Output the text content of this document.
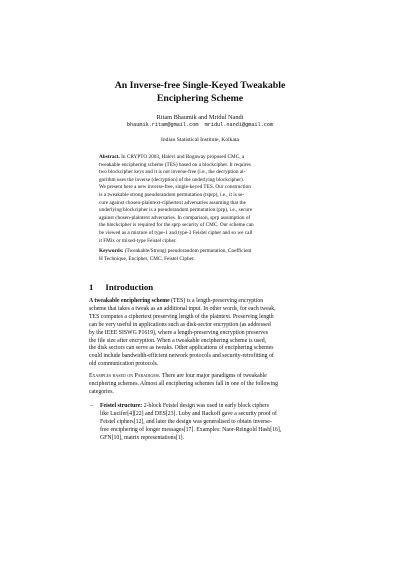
An Inverse-free Single-Keyed Tweakable
Enciphering Scheme
Ritam Bhaumik and Mridul Nandi
bhaumik.ritam@gmail.com mridul.nandi@gmail.com
Indian Statistical Institute, Kolkata

Abstract. In CRYPTO 2003, Halevi and Rogaway proposed CMC, a

tweakable enciphering scheme (TES) based on a blockcipher. It requires

two blockcipher keys and it is not inverse-free (i.e., the decryption al-

gorithm uses the inverse (decryption) of the underlying blockcipher).

We present here a new inverse-free, single-keyed TES. Our construction

is a tweakable strong pseudorandom permutation (tsprp), i.e., it is se-

cure against chosen-plaintext-ciphertext adversaries assuming that the

underlying blockcipher is a pseudorandom permutation (prp), i.e., secure

against chosen-plaintext adversaries. In comparison, sprp assumption of

the blockcipher is required for the sprp security of CMC. Our scheme can

be viewed as a mixture of type-1 and type-3 Feistel cipher and so we call

it FMix or mixed-type Feistel cipher.

Keywords: (Tweakable/Strong) pseudorandom permutation, Coefficient

H Technique, Encipher, CMC, Feistel Cipher.

1 Introduction

A tweakable enciphering scheme (TES) is a length-preserving encryption

scheme that takes a tweak as an additional input. In other words, for each tweak,

TES computes a ciphertext preserving length of the plaintext. Preserving length

can be very useful in applications such as disk-sector encryption (as addressed

by the IEEE SISWG P1619), where a length-preserving encryption preserves

the file size after encryption. When a tweakable enciphering scheme is used,

the disk sectors can serve as tweaks. Other applications of enciphering schemes

could include bandwidth-efficient network protocols and security-retrofitting of

old communication protocols.

Examples based on Paradigms. There are four major paradigms of tweakable

enciphering schemes. Almost all enciphering schemes fall in one of the following

categories.

–	Feistel structure: 2-block Feistel design was used in early block ciphers

like Lucifer[4][22] and DES[23]. Luby and Rackoff gave a security proof of

Feistel ciphers[12], and later the design was generalised to obtain inverse-

free enciphering of longer messages[17]. Examples: Naor-Reingold Hash[16],

GFN[10], matrix representations[1].
